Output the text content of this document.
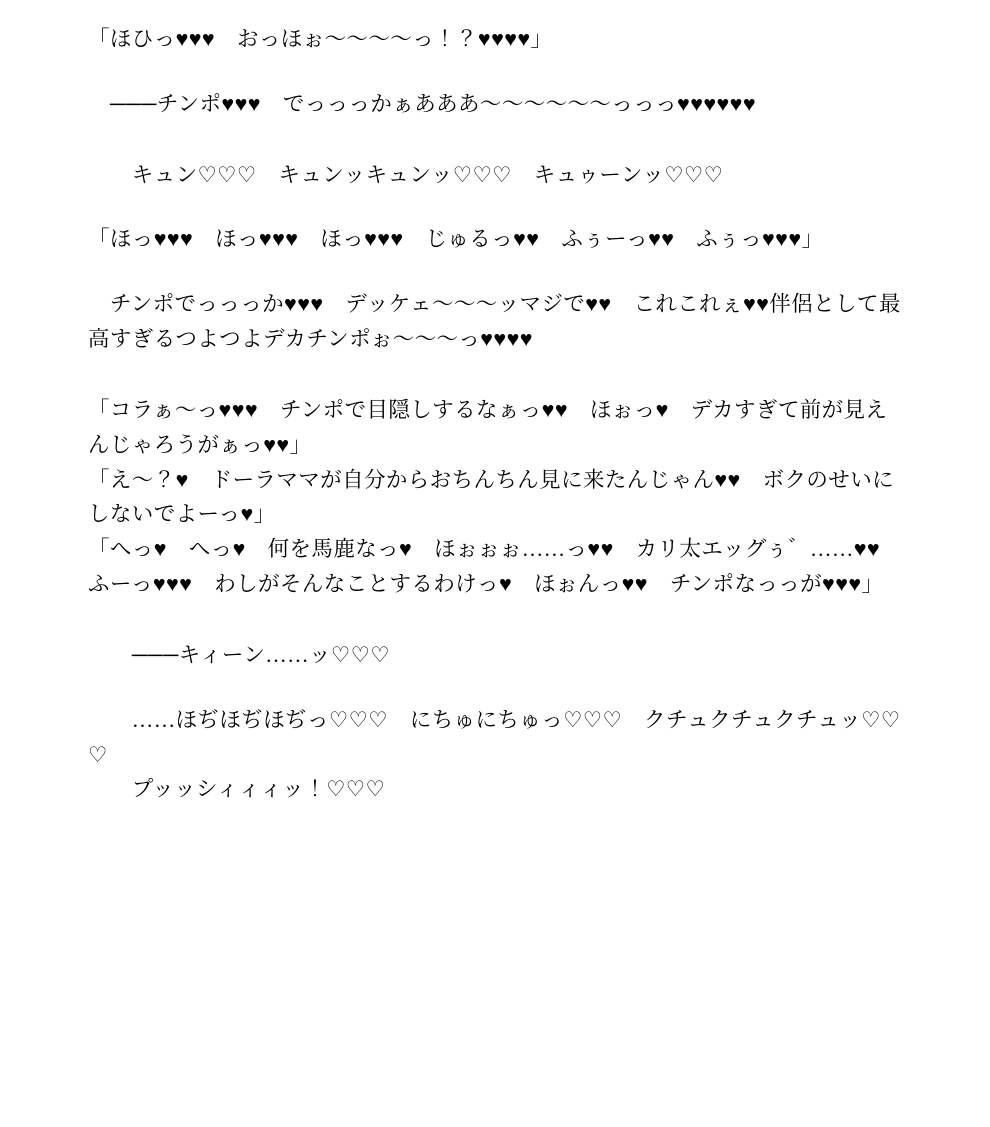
「ほひっ♥♥♥　おっほぉ〜〜〜〜っ！？♥♥♥♥」

　───チンポ♥♥♥　でっっっかぁあああ〜〜〜〜〜〜っっっ♥♥♥♥♥♥

　　キュン♡♡♡　キュンッキュンッ♡♡♡　キュゥーンッ♡♡♡

「ほっ♥♥♥　ほっ♥♥♥　ほっ♥♥♥　じゅるっ♥♥　ふぅーっ♥♥　ふぅっ♥♥♥」

　チンポでっっっか♥♥♥　デッケェ〜〜〜ッマジで♥♥　これこれぇ♥♥伴侶として最高すぎるつよつよデカチンポぉ〜〜〜っ♥♥♥♥

「コラぁ〜っ♥♥♥　チンポで目隠しするなぁっ♥♥　ほぉっ♥　デカすぎて前が見えんじゃろうがぁっ♥♥」

「え〜？♥　ドーラママが自分からおちんちん見に来たんじゃん♥♥　ボクのせいにしないでよーっ♥」

「へっ♥　へっ♥　何を馬鹿なっ♥　ほぉぉぉ……っ♥♥　カリ太エッグぅ゛……♥♥　ふーっ♥♥♥　わしがそんなことするわけっ♥　ほぉんっ♥♥　チンポなっっが♥♥♥」

　　───キィーン……ッ♡♡♡

　　……ほぢほぢほぢっ♡♡♡　にちゅにちゅっ♡♡♡　クチュクチュクチュッ♡♡♡

　　プッッシィィィッ！♡♡♡
